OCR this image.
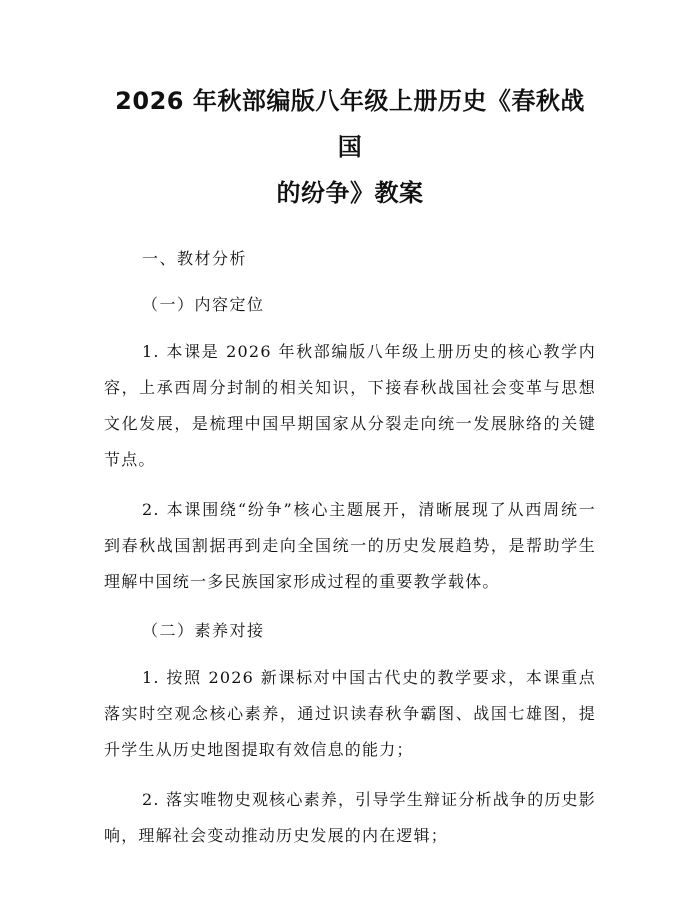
2026 年秋部编版八年级上册历史《春秋战国
的纷争》教案
一、教材分析
（一）内容定位

1. 本课是 2026 年秋部编版八年级上册历史的核心教学内容，上承西周分封制的相关知识，下接春秋战国社会变革与思想文化发展，是梳理中国早期国家从分裂走向统一发展脉络的关键节点。

2. 本课围绕“纷争”核心主题展开，清晰展现了从西周统一到春秋战国割据再到走向全国统一的历史发展趋势，是帮助学生理解中国统一多民族国家形成过程的重要教学载体。

（二）素养对接

1. 按照 2026 新课标对中国古代史的教学要求，本课重点落实时空观念核心素养，通过识读春秋争霸图、战国七雄图，提升学生从历史地图提取有效信息的能力；

2. 落实唯物史观核心素养，引导学生辩证分析战争的历史影响，理解社会变动推动历史发展的内在逻辑；
